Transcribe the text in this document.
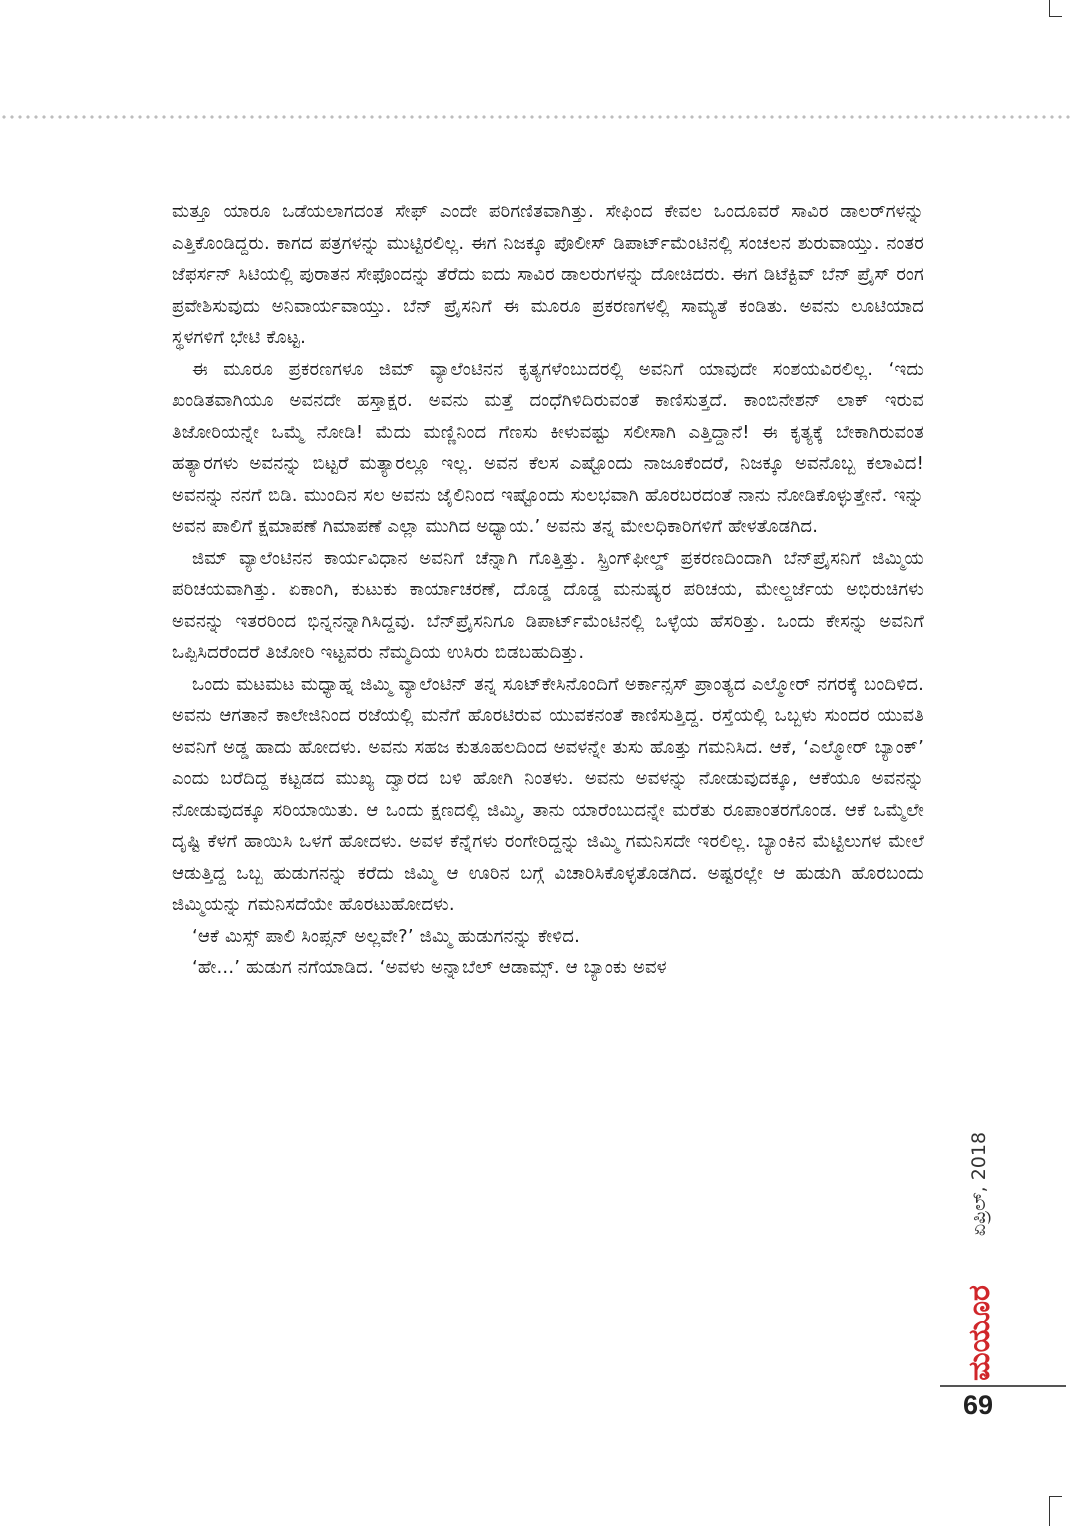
ಮತ್ತೂ ಯಾರೂ ಒಡೆಯಲಾಗದಂತ ಸೇಫ್ ಎಂದೇ ಪರಿಗಣಿತವಾಗಿತ್ತು. ಸೇಫಿಂದ ಕೇವಲ ಒಂದೂವರೆ ಸಾವಿರ ಡಾಲರ್‌ಗಳನ್ನು ಎತ್ತಿಕೊಂಡಿದ್ದರು. ಕಾಗದ ಪತ್ರಗಳನ್ನು ಮುಟ್ಟಿರಲಿಲ್ಲ. ಈಗ ನಿಜಕ್ಕೂ ಪೊಲೀಸ್ ಡಿಪಾರ್ಟ್‌ಮೆಂಟಿನಲ್ಲಿ ಸಂಚಲನ ಶುರುವಾಯ್ತು. ನಂತರ ಜೆಫರ್ಸನ್ ಸಿಟಿಯಲ್ಲಿ ಪುರಾತನ ಸೇಫೊಂದನ್ನು ತೆರೆದು ಐದು ಸಾವಿರ ಡಾಲರುಗಳನ್ನು ದೋಚಿದರು. ಈಗ ಡಿಟೆಕ್ಟಿವ್ ಬೆನ್ ಪ್ರೈಸ್ ರಂಗ ಪ್ರವೇಶಿಸುವುದು ಅನಿವಾರ್ಯವಾಯ್ತು. ಬೆನ್ ಪ್ರೈಸನಿಗೆ ಈ ಮೂರೂ ಪ್ರಕರಣಗಳಲ್ಲಿ ಸಾಮ್ಯತೆ ಕಂಡಿತು. ಅವನು ಲೂಟಿಯಾದ ಸ್ಥಳಗಳಿಗೆ ಭೇಟಿ ಕೊಟ್ಟ.

ಈ ಮೂರೂ ಪ್ರಕರಣಗಳೂ ಜಿಮ್ ವ್ಯಾಲೆಂಟಿನನ ಕೃತ್ಯಗಳೆಂಬುದರಲ್ಲಿ ಅವನಿಗೆ ಯಾವುದೇ ಸಂಶಯವಿರಲಿಲ್ಲ. ‘ಇದು ಖಂಡಿತವಾಗಿಯೂ ಅವನದೇ ಹಸ್ತಾಕ್ಷರ. ಅವನು ಮತ್ತೆ ದಂಧೆಗಿಳಿದಿರುವಂತೆ ಕಾಣಿಸುತ್ತದೆ. ಕಾಂಬಿನೇಶನ್ ಲಾಕ್ ಇರುವ ತಿಜೋರಿಯನ್ನೇ ಒಮ್ಮೆ ನೋಡಿ! ಮೆದು ಮಣ್ಣಿನಿಂದ ಗೆಣಸು ಕೀಳುವಷ್ಟು ಸಲೀಸಾಗಿ ಎತ್ತಿದ್ದಾನೆ! ಈ ಕೃತ್ಯಕ್ಕೆ ಬೇಕಾಗಿರುವಂತ ಹತ್ಯಾರಗಳು ಅವನನ್ನು ಬಿಟ್ಟರೆ ಮತ್ಯಾರಲ್ಲೂ ಇಲ್ಲ. ಅವನ ಕೆಲಸ ಎಷ್ಟೊಂದು ನಾಜೂಕೆಂದರೆ, ನಿಜಕ್ಕೂ ಅವನೊಬ್ಬ ಕಲಾವಿದ! ಅವನನ್ನು ನನಗೆ ಬಿಡಿ. ಮುಂದಿನ ಸಲ ಅವನು ಜೈಲಿನಿಂದ ಇಷ್ಟೊಂದು ಸುಲಭವಾಗಿ ಹೊರಬರದಂತೆ ನಾನು ನೋಡಿಕೊಳ್ಳುತ್ತೇನೆ. ಇನ್ನು ಅವನ ಪಾಲಿಗೆ ಕ್ಷಮಾಪಣೆ ಗಿಮಾಪಣೆ ಎಲ್ಲಾ ಮುಗಿದ ಅಧ್ಯಾಯ.’ ಅವನು ತನ್ನ ಮೇಲಧಿಕಾರಿಗಳಿಗೆ ಹೇಳತೊಡಗಿದ.

ಜಿಮ್ ವ್ಯಾಲೆಂಟಿನನ ಕಾರ್ಯವಿಧಾನ ಅವನಿಗೆ ಚೆನ್ನಾಗಿ ಗೊತ್ತಿತ್ತು. ಸ್ಪ್ರಿಂಗ್‌ಫೀಲ್ಡ್ ಪ್ರಕರಣದಿಂದಾಗಿ ಬೆನ್‌ಪ್ರೈಸನಿಗೆ ಜಿಮ್ಮಿಯ ಪರಿಚಯವಾಗಿತ್ತು. ಏಕಾಂಗಿ, ಕುಟುಕು ಕಾರ್ಯಾಚರಣೆ, ದೊಡ್ಡ ದೊಡ್ಡ ಮನುಷ್ಯರ ಪರಿಚಯ, ಮೇಲ್ದರ್ಜೆಯ ಅಭಿರುಚಿಗಳು ಅವನನ್ನು ಇತರರಿಂದ ಭಿನ್ನನನ್ನಾಗಿಸಿದ್ದವು. ಬೆನ್‌ಪ್ರೈಸನಿಗೂ ಡಿಪಾರ್ಟ್‌ಮೆಂಟಿನಲ್ಲಿ ಒಳ್ಳೆಯ ಹೆಸರಿತ್ತು. ಒಂದು ಕೇಸನ್ನು ಅವನಿಗೆ ಒಪ್ಪಿಸಿದರೆಂದರೆ ತಿಜೋರಿ ಇಟ್ಟವರು ನೆಮ್ಮದಿಯ ಉಸಿರು ಬಿಡಬಹುದಿತ್ತು.

ಒಂದು ಮಟಮಟ ಮಧ್ಯಾಹ್ನ ಜಿಮ್ಮಿ ವ್ಯಾಲೆಂಟಿನ್ ತನ್ನ ಸೂಟ್‌ಕೇಸಿನೊಂದಿಗೆ ಅರ್ಕಾನ್ಸಸ್ ಪ್ರಾಂತ್ಯದ ಎಲ್ಮೋರ್ ನಗರಕ್ಕೆ ಬಂದಿಳಿದ. ಅವನು ಆಗತಾನೆ ಕಾಲೇಜಿನಿಂದ ರಜೆಯಲ್ಲಿ ಮನೆಗೆ ಹೊರಟಿರುವ ಯುವಕನಂತೆ ಕಾಣಿಸುತ್ತಿದ್ದ. ರಸ್ತೆಯಲ್ಲಿ ಒಬ್ಬಳು ಸುಂದರ ಯುವತಿ ಅವನಿಗೆ ಅಡ್ಡ ಹಾದು ಹೋದಳು. ಅವನು ಸಹಜ ಕುತೂಹಲದಿಂದ ಅವಳನ್ನೇ ತುಸು ಹೊತ್ತು ಗಮನಿಸಿದ. ಆಕೆ, ‘ಎಲ್ಮೋರ್ ಬ್ಯಾಂಕ್’ ಎಂದು ಬರೆದಿದ್ದ ಕಟ್ಟಡದ ಮುಖ್ಯ ದ್ವಾರದ ಬಳಿ ಹೋಗಿ ನಿಂತಳು. ಅವನು ಅವಳನ್ನು ನೋಡುವುದಕ್ಕೂ, ಆಕೆಯೂ ಅವನನ್ನು ನೋಡುವುದಕ್ಕೂ ಸರಿಯಾಯಿತು. ಆ ಒಂದು ಕ್ಷಣದಲ್ಲಿ ಜಿಮ್ಮಿ, ತಾನು ಯಾರೆಂಬುದನ್ನೇ ಮರೆತು ರೂಪಾಂತರಗೊಂಡ. ಆಕೆ ಒಮ್ಮೆಲೇ ದೃಷ್ಟಿ ಕೆಳಗೆ ಹಾಯಿಸಿ ಒಳಗೆ ಹೋದಳು. ಅವಳ ಕೆನ್ನೆಗಳು ರಂಗೇರಿದ್ದನ್ನು ಜಿಮ್ಮಿ ಗಮನಿಸದೇ ಇರಲಿಲ್ಲ. ಬ್ಯಾಂಕಿನ ಮೆಟ್ಟಿಲುಗಳ ಮೇಲೆ ಆಡುತ್ತಿದ್ದ ಒಬ್ಬ ಹುಡುಗನನ್ನು ಕರೆದು ಜಿಮ್ಮಿ ಆ ಊರಿನ ಬಗ್ಗೆ ವಿಚಾರಿಸಿಕೊಳ್ಳತೊಡಗಿದ. ಅಷ್ಟರಲ್ಲೇ ಆ ಹುಡುಗಿ ಹೊರಬಂದು ಜಿಮ್ಮಿಯನ್ನು ಗಮನಿಸದೆಯೇ ಹೊರಟುಹೋದಳು.

‘ಆಕೆ ಮಿಸ್ಸ್ ಪಾಲಿ ಸಿಂಪ್ಸನ್ ಅಲ್ಲವೇ?’ ಜಿಮ್ಮಿ ಹುಡುಗನನ್ನು ಕೇಳಿದ.

‘ಹೇ...’ ಹುಡುಗ ನಗೆಯಾಡಿದ. ‘ಅವಳು ಅನ್ನಾಬೆಲ್ ಆಡಾಮ್ಸ್. ಆ ಬ್ಯಾಂಕು ಅವಳ

ಏಪ್ರಿಲ್, 2018
ಮಯೂರ
69
